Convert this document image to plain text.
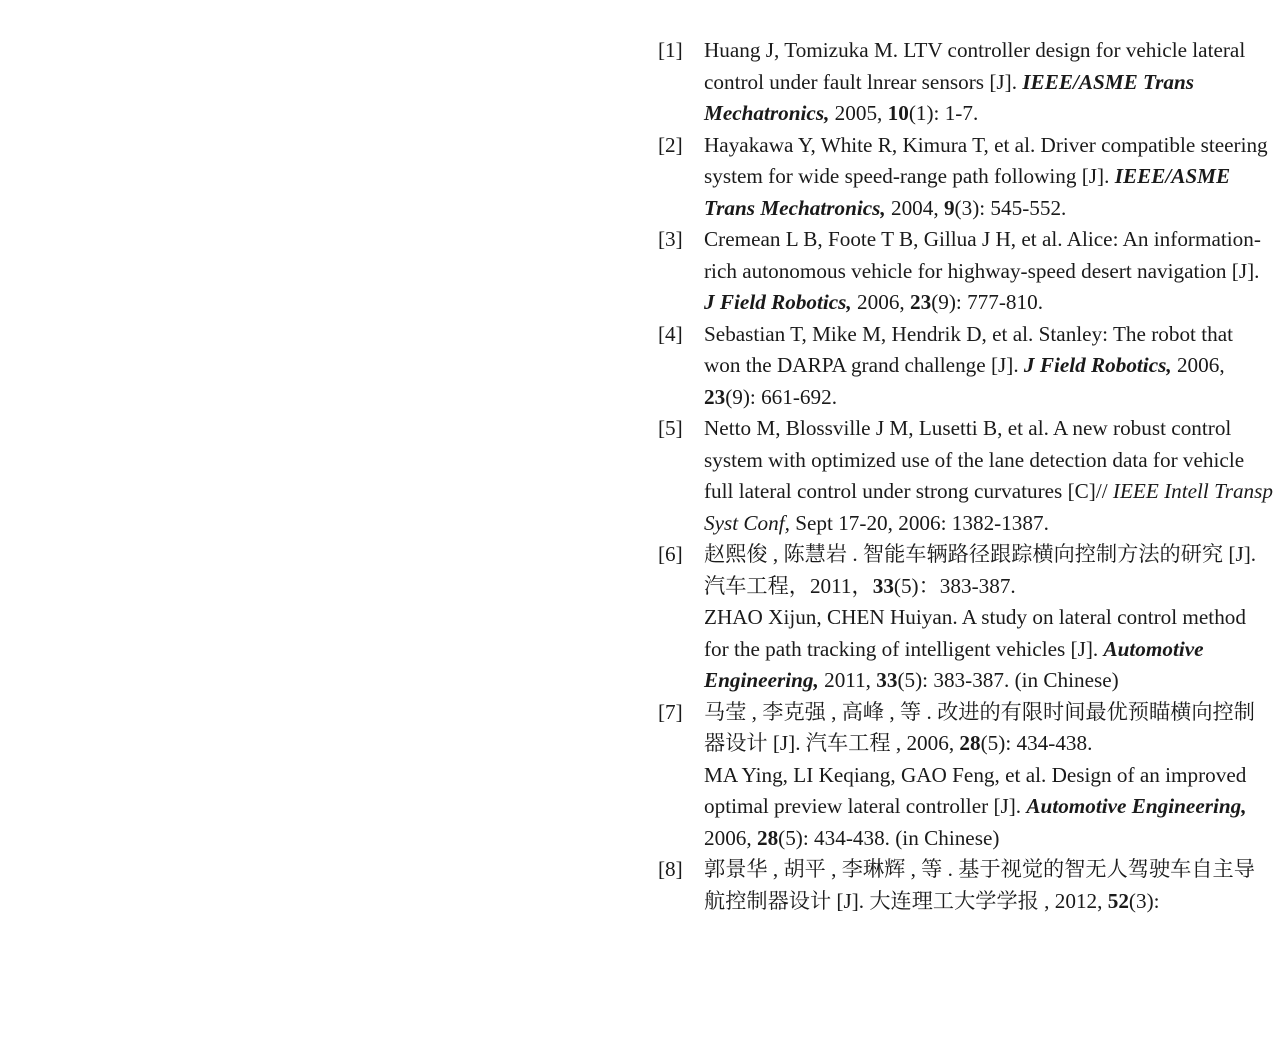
[1]	Huang J, Tomizuka M. LTV controller design for vehicle lateral control under fault lnrear sensors [J]. IEEE/ASME Trans Mechatronics, 2005, 10(1): 1-7.
[2]	Hayakawa Y, White R, Kimura T, et al. Driver compatible steering system for wide speed-range path following [J]. IEEE/ASME Trans Mechatronics, 2004, 9(3): 545-552.
[3]	Cremean L B, Foote T B, Gillua J H, et al. Alice: An information-rich autonomous vehicle for highway-speed desert navigation [J]. J Field Robotics, 2006, 23(9): 777-810.
[4]	Sebastian T, Mike M, Hendrik D, et al. Stanley: The robot that won the DARPA grand challenge [J]. J Field Robotics, 2006, 23(9): 661-692.
[5]	Netto M, Blossville J M, Lusetti B, et al. A new robust control system with optimized use of the lane detection data for vehicle full lateral control under strong curvatures [C]// IEEE Intell Transp Syst Conf, Sept 17-20, 2006: 1382-1387.
[6]	赵熙俊 , 陈慧岩 . 智能车辆路径跟踪横向控制方法的研究 [J]. 汽车工程，2011，33(5)：383-387.
ZHAO Xijun, CHEN Huiyan. A study on lateral control method for the path tracking of intelligent vehicles [J]. Automotive Engineering, 2011, 33(5): 383-387. (in Chinese)
[7]	马莹 , 李克强 , 高峰 , 等 . 改进的有限时间最优预瞄横向控制器设计 [J]. 汽车工程 , 2006, 28(5): 434-438.
MA Ying, LI Keqiang, GAO Feng, et al. Design of an improved optimal preview lateral controller [J]. Automotive Engineering, 2006, 28(5): 434-438. (in Chinese)
[8]	郭景华 , 胡平 , 李琳辉 , 等 . 基于视觉的智无人驾驶车自主导航控制器设计 [J]. 大连理工大学学报 , 2012, 52(3):
